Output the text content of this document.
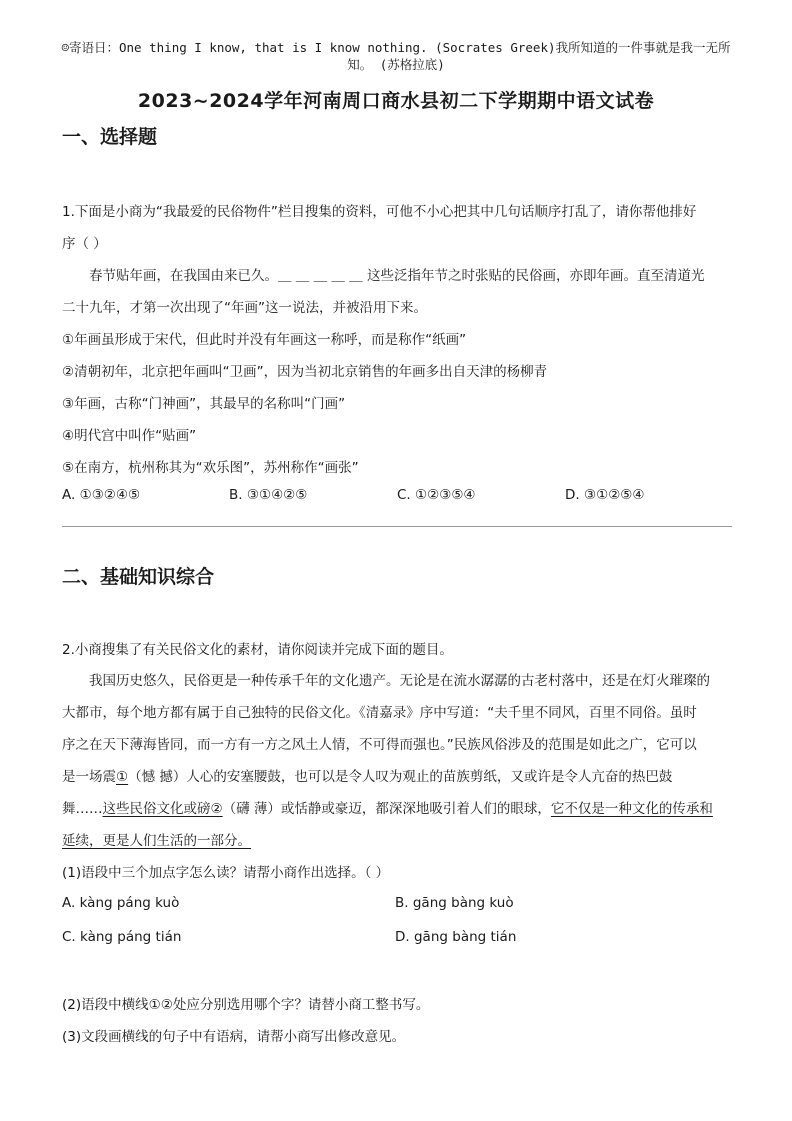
☺寄语日：One thing I know, that is I know nothing. (Socrates Greek)我所知道的一件事就是我一无所
知。 (苏格拉底)
2023~2024学年河南周口商水县初二下学期期中语文试卷
一、选择题
1.下面是小商为“我最爱的民俗物件”栏目搜集的资料，可他不小心把其中几句话顺序打乱了，请你帮他排好
序（ ）
春节贴年画，在我国由来已久。＿ ＿ ＿ ＿ ＿ 这些泛指年节之时张贴的民俗画，亦即年画。直至清道光
二十九年，才第一次出现了“年画”这一说法，并被沿用下来。
①年画虽形成于宋代，但此时并没有年画这一称呼，而是称作“纸画”
②清朝初年，北京把年画叫“卫画”，因为当初北京销售的年画多出自天津的杨柳青
③年画，古称“门神画”，其最早的名称叫“门画”
④明代宫中叫作“贴画”
⑤在南方，杭州称其为“欢乐图”，苏州称作“画张”
A. ①③②④⑤	B. ③①④②⑤	C. ①②③⑤④	D. ③①②⑤④
二、基础知识综合
2.小商搜集了有关民俗文化的素材，请你阅读并完成下面的题目。
我国历史悠久，民俗更是一种传承千年的文化遗产。无论是在流水潺潺的古老村落中，还是在灯火璀璨的
大都市，每个地方都有属于自己独特的民俗文化。《清嘉录》序中写道：“夫千里不同风，百里不同俗。虽时
序之在天下薄海皆同，而一方有一方之风土人情，不可得而强也。”民族风俗涉及的范围是如此之广，它可以
是一场震①（憾 撼）人心的安塞腰鼓，也可以是令人叹为观止的苗族剪纸，又或许是令人亢奋的热巴鼓
舞……这些民俗文化或磅②（礴 薄）或恬静或豪迈，都深深地吸引着人们的眼球，它不仅是一种文化的传承和
延续，更是人们生活的一部分。
(1)语段中三个加点字怎么读？请帮小商作出选择。（ ）
A. kàng páng kuò	B. gāng bàng kuò
C. kàng páng tián	D. gāng bàng tián
(2)语段中横线①②处应分别选用哪个字？请替小商工整书写。
(3)文段画横线的句子中有语病，请帮小商写出修改意见。
